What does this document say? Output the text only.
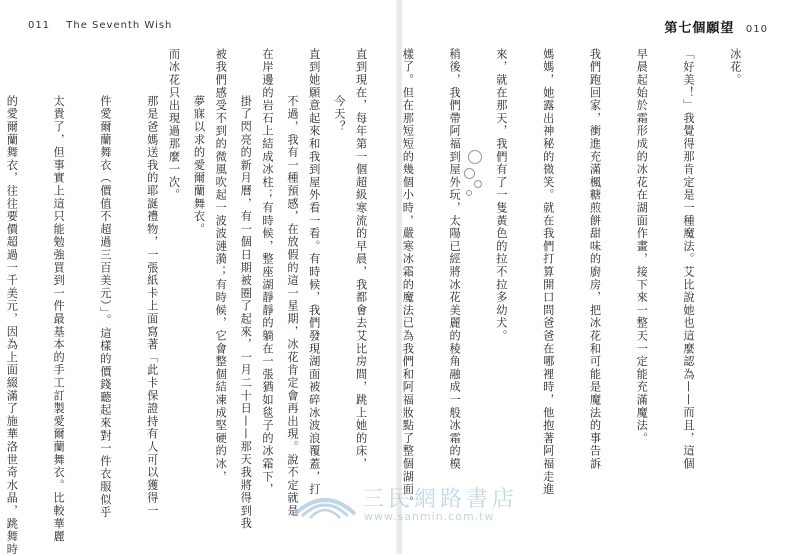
011 The Seventh Wish

今天？

不過，我有一種預感，在放假的這一星期，冰花肯定會再出現。說不定就是

掛了閃亮的新月曆，有一個日期被圈了起來，一月二十日——那天我將得到我

夢寐以求的愛爾蘭舞衣。

那是爸媽送我的耶誕禮物，一張紙卡上面寫著「此卡保證持有人可以獲得一

件愛爾蘭舞衣（價值不超過三百美元）」。這樣的價錢聽起來對一件衣服似乎

太貴了，但事實上這只能勉強買到一件最基本的手工訂製愛爾蘭舞衣。比較華麗

的愛爾蘭舞衣，往往要價超過一千美元，因為上面綴滿了施華洛世奇水晶，跳舞時

第七個願望 010

冰花。

「好美！」我覺得那肯定是一種魔法。艾比說她也這麼認為——而且，這個

早晨起始於霜形成的冰花在湖面作畫，接下來一整天一定能充滿魔法。

我們跑回家，衝進充滿楓糖煎餅甜味的廚房，把冰花和可能是魔法的事告訴

媽媽，她露出神秘的微笑。就在我們打算開口問爸爸在哪裡時，他抱著阿福走進

來，就在那天，我們有了一隻黃色的拉不拉多幼犬。

稍後，我們帶阿福到屋外玩，太陽已經將冰花美麗的稜角融成一般冰霜的模

樣了。但在那短短的幾個小時，嚴寒冰霜的魔法已為我們和阿福妝點了整個湖面。

直到現在，每年第一個超級寒流的早晨，我都會去艾比房間，跳上她的床，

直到她願意起來和我到屋外看一看。有時候，我們發現湖面被碎冰波浪覆蓋，打

在岸邊的岩石上結成冰柱；有時候，整座湖靜靜的躺在一張猶如毯子的冰霜下，

被我們感受不到的微風吹起一波波漣漪；有時候，它會整個結凍成堅硬的冰，

而冰花只出現過那麼一次。

三民網路書店
www.sanmin.com.tw
